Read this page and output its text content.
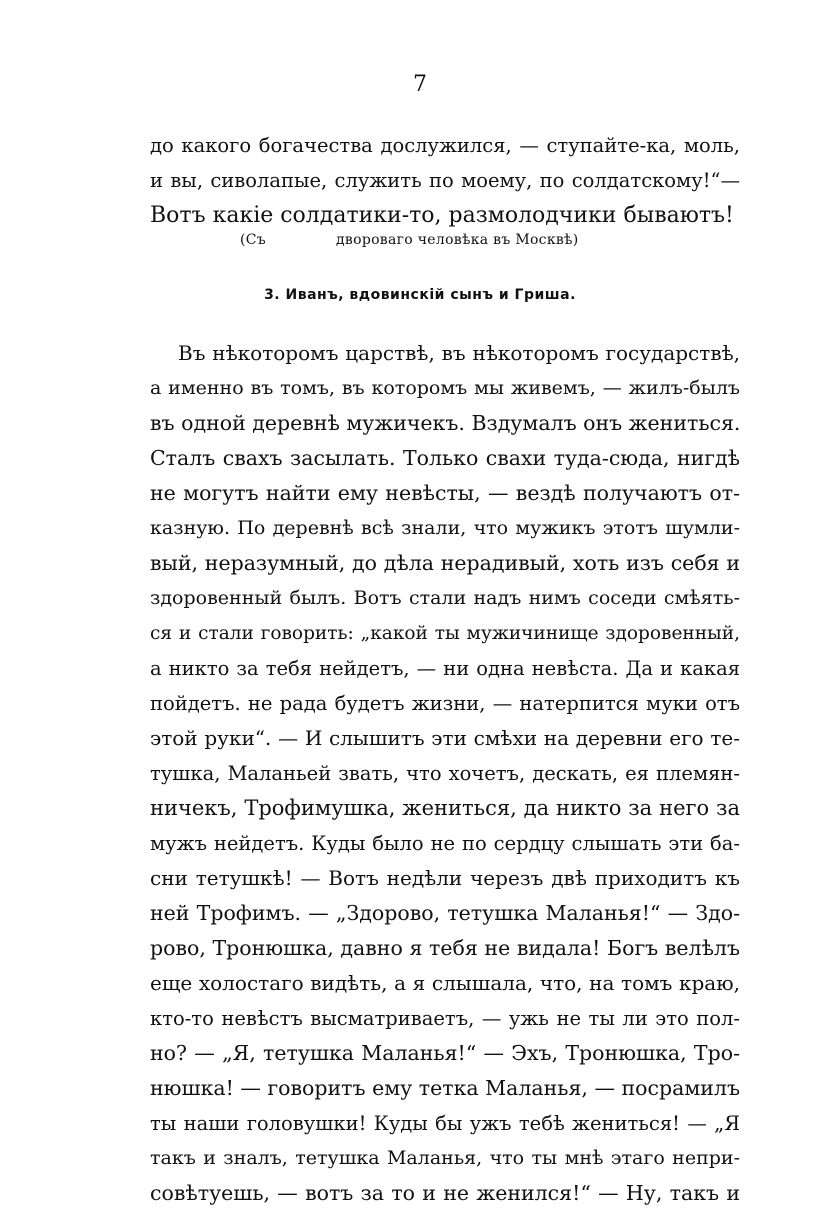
7
до какого богачества дослужился, — ступайте-ка, моль,
и вы, сиволапые, служить по моему, по солдатскому!“—
Вотъ какіе солдатики-то, размолодчики бываютъ!
(Съ	двороваго человѣка въ Москвѣ)
3. Иванъ, вдовинскій сынъ и Гриша.
Въ нѣкоторомъ царствѣ, въ нѣкоторомъ государствѣ,
а именно въ томъ, въ которомъ мы живемъ, — жилъ-былъ
въ одной деревнѣ мужичекъ. Вздумалъ онъ жениться.
Сталъ свахъ засылать. Только свахи туда-сюда, нигдѣ
не могутъ найти ему невѣсты, — вездѣ получаютъ от-
казную. По деревнѣ всѣ знали, что мужикъ этотъ шумли-
вый, неразумный, до дѣла нерадивый, хоть изъ себя и
здоровенный былъ. Вотъ стали надъ нимъ соседи смѣять-
ся и стали говорить: „какой ты мужичинище здоровенный,
а никто за тебя нейдетъ, — ни одна невѣста. Да и какая
пойдетъ. не рада будетъ жизни, — натерпится муки отъ
этой руки“. — И слышитъ эти смѣхи на деревни его те-
тушка, Маланьей звать, что хочетъ, дескать, ея племян-
ничекъ, Трофимушка, жениться, да никто за него за
мужъ нейдетъ. Куды было не по сердцу слышать эти ба-
сни тетушкѣ! — Вотъ недѣли черезъ двѣ приходитъ къ
ней Трофимъ. — „Здорово, тетушка Маланья!“ — Здо-
рово, Тронюшка, давно я тебя не видала! Богъ велѣлъ
еще холостаго видѣть, а я слышала, что, на томъ краю,
кто-то невѣстъ высматриваетъ, — ужь не ты ли это пол-
но? — „Я, тетушка Маланья!“ — Эхъ, Тронюшка, Тро-
нюшка! — говоритъ ему тетка Маланья, — посрамилъ
ты наши головушки! Куды бы ужъ тебѣ жениться! — „Я
такъ и зналъ, тетушка Маланья, что ты мнѣ этаго непри-
совѣтуешь, — вотъ за то и не женился!“ — Ну, такъ и
